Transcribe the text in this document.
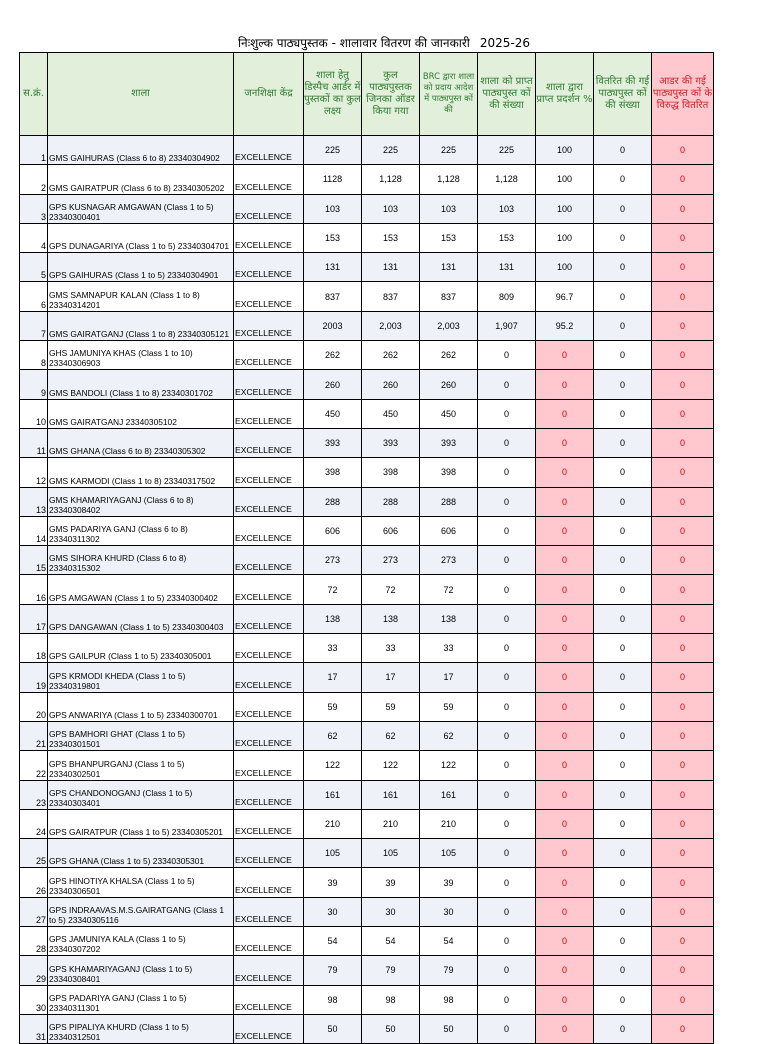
निःशुल्क पाठ्यपुस्तक - शालावार वितरण की जानकारी 2025-26
स.क्रं.	शाला	जनशिक्षा केंद्र	शाला हेतु डिस्पैच आर्डर में पुस्तकों का कुल लक्ष्य	कुल पाठ्यपुस्तक जिनका ऑडर किया गया	BRC द्वारा शाला को प्रदाय आदेश में पाठ्यपुस्त कों की	शाला को प्राप्त पाठ्यपुस्त कों की संख्या	शाला द्वारा प्राप्त प्रदर्शन %	वितरित की गई पाठ्यपुस्त कों की संख्या	आडर की गई पाठ्यपुस्त कों के विरुद्ध वितरित
1	GMS GAIHURAS (Class 6 to 8) 23340304902	EXCELLENCE	225	225	225	225	100	0	0
2	GMS GAIRATPUR (Class 6 to 8) 23340305202	EXCELLENCE	1128	1,128	1,128	1,128	100	0	0
3	GPS KUSNAGAR AMGAWAN (Class 1 to 5) 23340300401	EXCELLENCE	103	103	103	103	100	0	0
4	GPS DUNAGARIYA (Class 1 to 5) 23340304701	EXCELLENCE	153	153	153	153	100	0	0
5	GPS GAIHURAS (Class 1 to 5) 23340304901	EXCELLENCE	131	131	131	131	100	0	0
6	GMS SAMNAPUR KALAN (Class 1 to 8) 23340314201	EXCELLENCE	837	837	837	809	96.7	0	0
7	GMS GAIRATGANJ (Class 1 to 8) 23340305121	EXCELLENCE	2003	2,003	2,003	1,907	95.2	0	0
8	GHS JAMUNIYA KHAS (Class 1 to 10) 23340306903	EXCELLENCE	262	262	262	0	0	0	0
9	GMS BANDOLI (Class 1 to 8) 23340301702	EXCELLENCE	260	260	260	0	0	0	0
10	GMS GAIRATGANJ 23340305102	EXCELLENCE	450	450	450	0	0	0	0
11	GMS GHANA (Class 6 to 8) 23340305302	EXCELLENCE	393	393	393	0	0	0	0
12	GMS KARMODI (Class 1 to 8) 23340317502	EXCELLENCE	398	398	398	0	0	0	0
13	GMS KHAMARIYAGANJ (Class 6 to 8) 23340308402	EXCELLENCE	288	288	288	0	0	0	0
14	GMS PADARIYA GANJ (Class 6 to 8) 23340311302	EXCELLENCE	606	606	606	0	0	0	0
15	GMS SIHORA KHURD (Class 6 to 8) 23340315302	EXCELLENCE	273	273	273	0	0	0	0
16	GPS AMGAWAN (Class 1 to 5) 23340300402	EXCELLENCE	72	72	72	0	0	0	0
17	GPS DANGAWAN (Class 1 to 5) 23340300403	EXCELLENCE	138	138	138	0	0	0	0
18	GPS GAILPUR (Class 1 to 5) 23340305001	EXCELLENCE	33	33	33	0	0	0	0
19	GPS KRMODI KHEDA (Class 1 to 5) 23340319801	EXCELLENCE	17	17	17	0	0	0	0
20	GPS ANWARIYA (Class 1 to 5) 23340300701	EXCELLENCE	59	59	59	0	0	0	0
21	GPS BAMHORI GHAT (Class 1 to 5) 23340301501	EXCELLENCE	62	62	62	0	0	0	0
22	GPS BHANPURGANJ (Class 1 to 5) 23340302501	EXCELLENCE	122	122	122	0	0	0	0
23	GPS CHANDONOGANJ (Class 1 to 5) 23340303401	EXCELLENCE	161	161	161	0	0	0	0
24	GPS GAIRATPUR (Class 1 to 5) 23340305201	EXCELLENCE	210	210	210	0	0	0	0
25	GPS GHANA (Class 1 to 5) 23340305301	EXCELLENCE	105	105	105	0	0	0	0
26	GPS HINOTIYA KHALSA (Class 1 to 5) 23340306501	EXCELLENCE	39	39	39	0	0	0	0
27	GPS INDRAAVAS.M.S.GAIRATGANG (Class 1 to 5) 23340305116	EXCELLENCE	30	30	30	0	0	0	0
28	GPS JAMUNIYA KALA (Class 1 to 5) 23340307202	EXCELLENCE	54	54	54	0	0	0	0
29	GPS KHAMARIYAGANJ (Class 1 to 5) 23340308401	EXCELLENCE	79	79	79	0	0	0	0
30	GPS PADARIYA GANJ (Class 1 to 5) 23340311301	EXCELLENCE	98	98	98	0	0	0	0
31	GPS PIPALIYA KHURD (Class 1 to 5) 23340312501	EXCELLENCE	50	50	50	0	0	0	0
